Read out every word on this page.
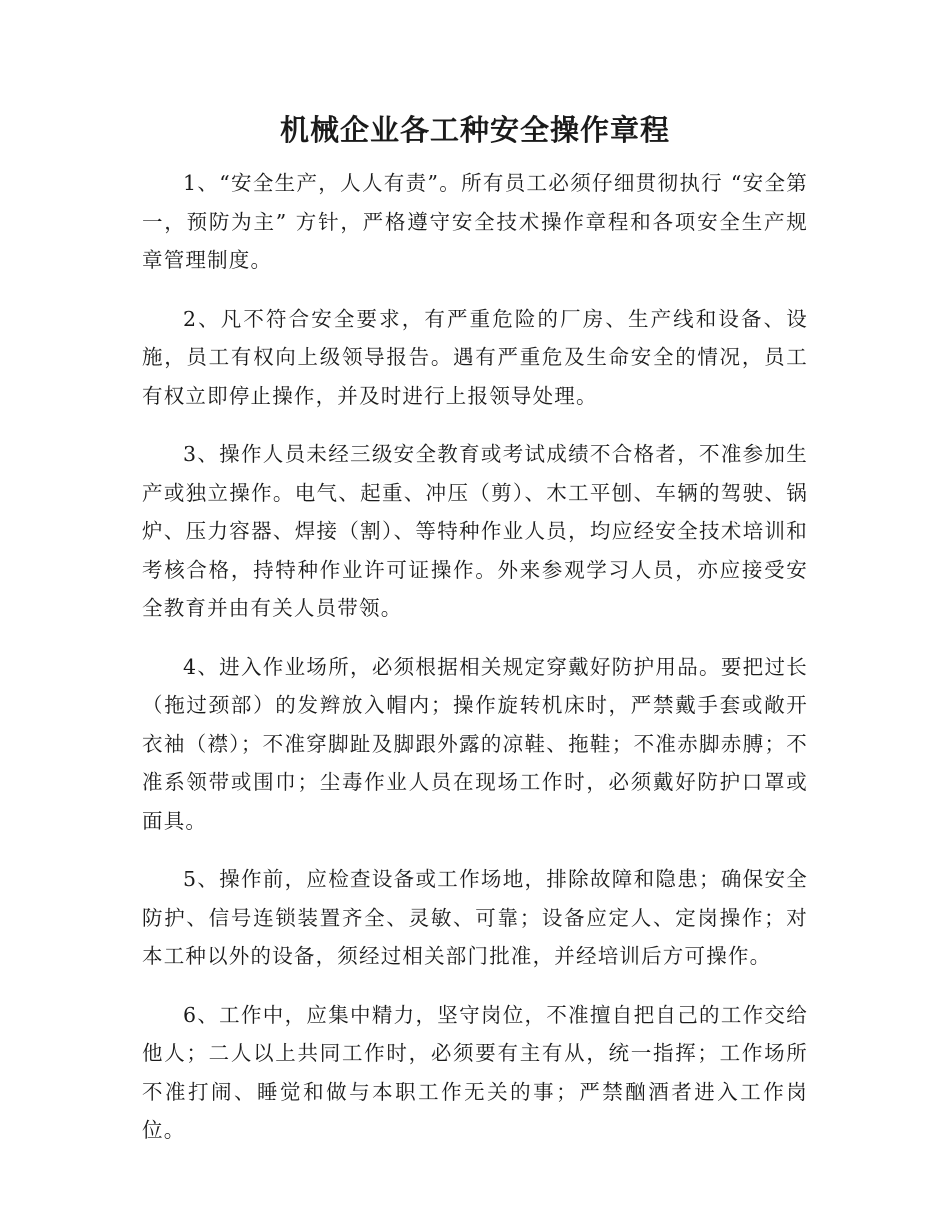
机械企业各工种安全操作章程

1、“安全生产，人人有责”。所有员工必须仔细贯彻执行 “安全第一，预防为主” 方针，严格遵守安全技术操作章程和各项安全生产规章管理制度。

2、凡不符合安全要求，有严重危险的厂房、生产线和设备、设施，员工有权向上级领导报告。遇有严重危及生命安全的情况，员工有权立即停止操作，并及时进行上报领导处理。

3、操作人员未经三级安全教育或考试成绩不合格者，不准参加生产或独立操作。电气、起重、冲压（剪）、木工平刨、车辆的驾驶、锅炉、压力容器、焊接（割）、等特种作业人员，均应经安全技术培训和考核合格，持特种作业许可证操作。外来参观学习人员，亦应接受安全教育并由有关人员带领。

4、进入作业场所，必须根据相关规定穿戴好防护用品。要把过长（拖过颈部）的发辫放入帽内；操作旋转机床时，严禁戴手套或敞开衣袖（襟）；不准穿脚趾及脚跟外露的凉鞋、拖鞋；不准赤脚赤膊；不准系领带或围巾；尘毒作业人员在现场工作时，必须戴好防护口罩或面具。

5、操作前，应检查设备或工作场地，排除故障和隐患；确保安全防护、信号连锁装置齐全、灵敏、可靠；设备应定人、定岗操作；对本工种以外的设备，须经过相关部门批准，并经培训后方可操作。

6、工作中，应集中精力，坚守岗位，不准擅自把自己的工作交给他人；二人以上共同工作时，必须要有主有从，统一指挥；工作场所不准打闹、睡觉和做与本职工作无关的事；严禁酗酒者进入工作岗位。
